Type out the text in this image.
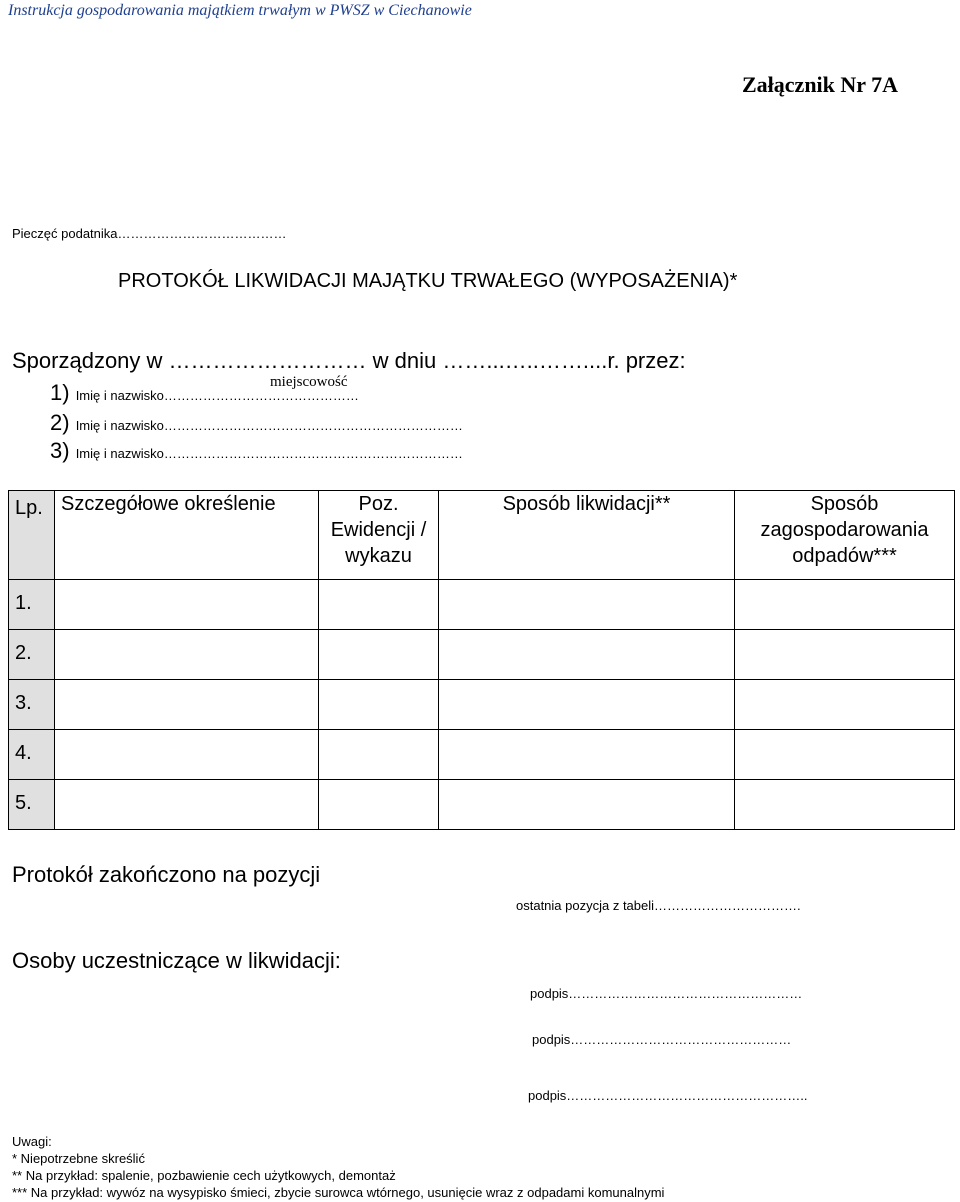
Instrukcja gospodarowania majątkiem trwałym w PWSZ w Ciechanowie
Załącznik Nr 7A
Pieczęć podatnika…………………………………
PROTOKÓŁ LIKWIDACJI MAJĄTKU TRWAŁEGO (WYPOSAŻENIA)*
Sporządzony w ……………………… w dniu ……...…..……....r. przez:
miejscowość
1) Imię i nazwisko………………………………………
2) Imię i nazwisko……………………………………………………………
3) Imię i nazwisko……………………………………………………………
Lp.	Szczegółowe określenie	Poz. Ewidencji / wykazu	Sposób likwidacji**	Sposób zagospodarowania odpadów***
1.				
2.				
3.				
4.				
5.				
Protokół zakończono na pozycji
ostatnia pozycja z tabeli…………………………….
Osoby uczestniczące w likwidacji:
podpis………………………………………………
podpis……………………………………………
podpis………………………………………………..
Uwagi:
* Niepotrzebne skreślić
** Na przykład: spalenie, pozbawienie cech użytkowych, demontaż
*** Na przykład: wywóz na wysypisko śmieci, zbycie surowca wtórnego, usunięcie wraz z odpadami komunalnymi
